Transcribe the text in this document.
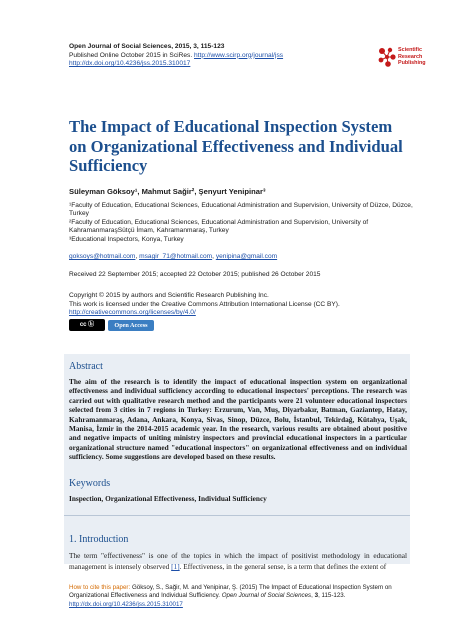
Open Journal of Social Sciences, 2015, 3, 115-123
Published Online October 2015 in SciRes. http://www.scirp.org/journal/jss
http://dx.doi.org/10.4236/jss.2015.310017
Scientific
Research
Publishing
The Impact of Educational Inspection System on Organizational Effectiveness and Individual Sufficiency
Süleyman Göksoy¹, Mahmut Sağir², Şenyurt Yenipinar³
¹Faculty of Education, Educational Sciences, Educational Administration and Supervision, University of Düzce, Düzce, Turkey
²Faculty of Education, Educational Sciences, Educational Administration and Supervision, University of KahramanmaraşSütçü İmam, Kahramanmaraş, Turkey
³Educational Inspectors, Konya, Turkey
goksoys@hotmail.com, msagir_71@hotmail.com, yenipina@gmail.com
Received 22 September 2015; accepted 22 October 2015; published 26 October 2015
Copyright © 2015 by authors and Scientific Research Publishing Inc.
This work is licensed under the Creative Commons Attribution International License (CC BY).
http://creativecommons.org/licenses/by/4.0/
cc ⓑ	Open Access
Abstract
The aim of the research is to identify the impact of educational inspection system on organizational effectiveness and individual sufficiency according to educational inspectors' perceptions. The research was carried out with qualitative research method and the participants were 21 volunteer educational inspectors selected from 3 cities in 7 regions in Turkey: Erzurum, Van, Muş, Diyarbakır, Batman, Gaziantep, Hatay, Kahramanmaraş, Adana, Ankara, Konya, Sivas, Sinop, Düzce, Bolu, İstanbul, Tekirdağ, Kütahya, Uşak, Manisa, İzmir in the 2014-2015 academic year. In the research, various results are obtained about positive and negative impacts of uniting ministry inspectors and provincial educational inspectors in a particular organizational structure named "educational inspectors" on organizational effectiveness and on individual sufficiency. Some suggestions are developed based on these results.
Keywords
Inspection, Organizational Effectiveness, Individual Sufficiency
1. Introduction
The term "effectiveness" is one of the topics in which the impact of positivist methodology in educational management is intensely observed [1]. Effectiveness, in the general sense, is a term that defines the extent of
How to cite this paper: Göksoy, S., Sağir, M. and Yenipinar, Ş. (2015) The Impact of Educational Inspection System on Organizational Effectiveness and Individual Sufficiency. Open Journal of Social Sciences, 3, 115-123.
http://dx.doi.org/10.4236/jss.2015.310017
